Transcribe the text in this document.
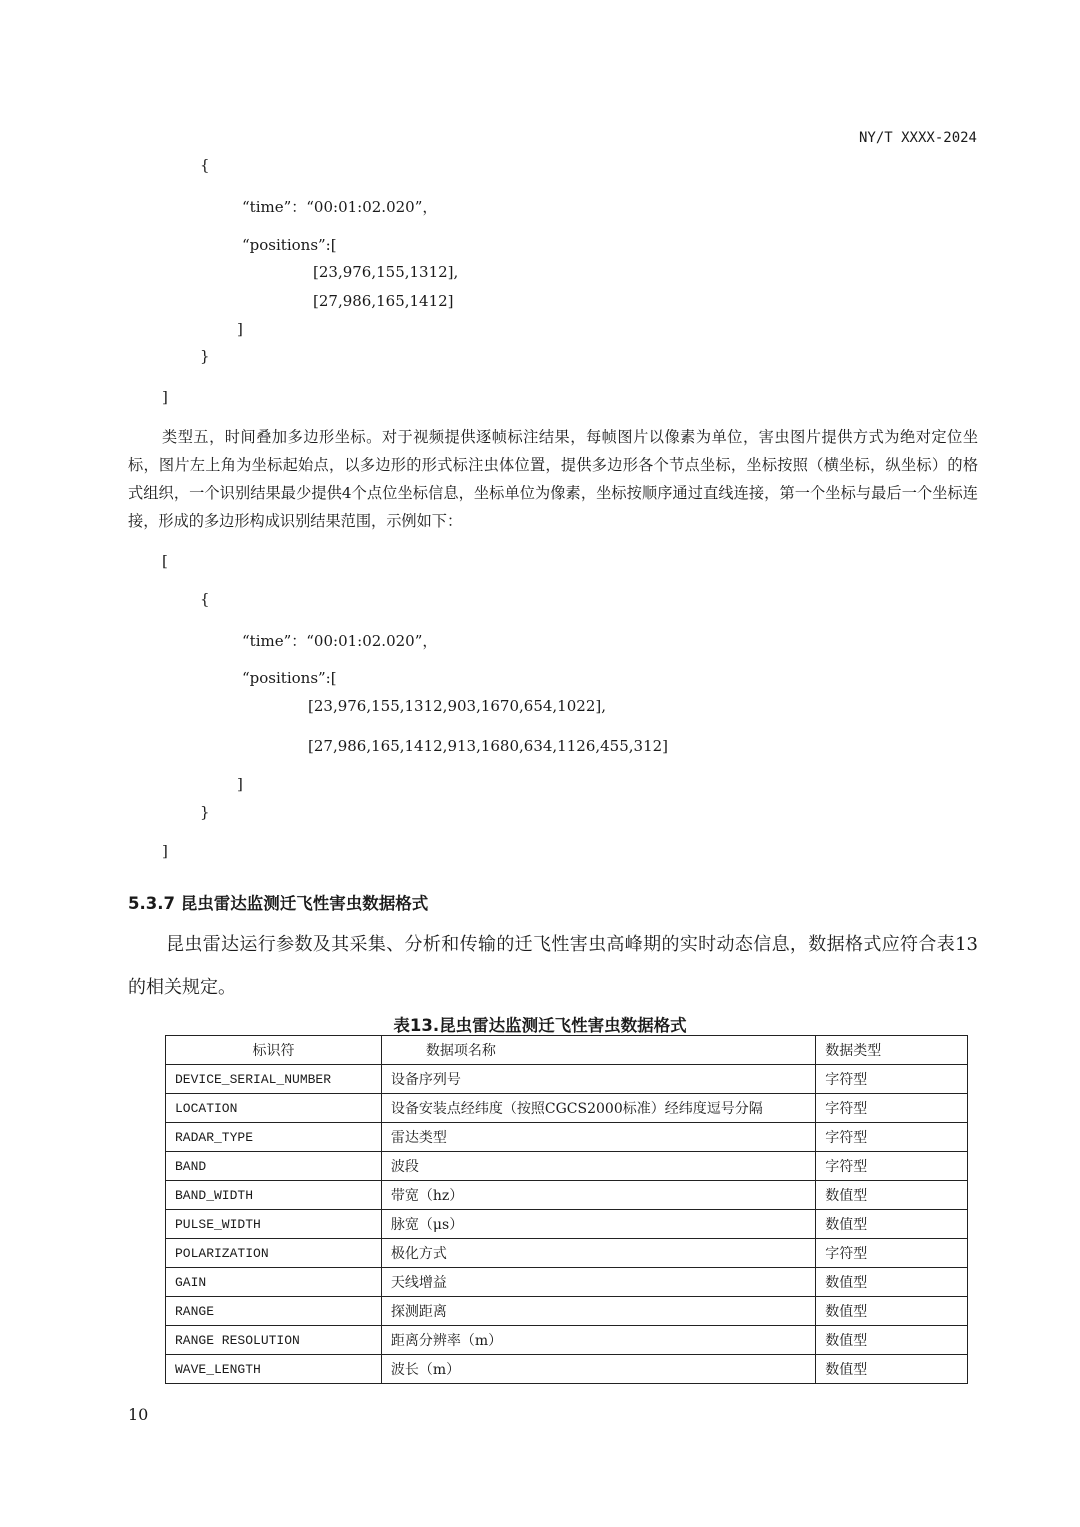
NY/T XXXX-2024
{
“time”：“00:01:02.020”，
“positions”:[
[23,976,155,1312],
[27,986,165,1412]
]
}
]
类型五，时间叠加多边形坐标。对于视频提供逐帧标注结果，每帧图片以像素为单位，害虫图片提供方式为绝对定位坐标，图片左上角为坐标起始点，以多边形的形式标注虫体位置，提供多边形各个节点坐标，坐标按照（横坐标，纵坐标）的格式组织，一个识别结果最少提供4个点位坐标信息，坐标单位为像素，坐标按顺序通过直线连接，第一个坐标与最后一个坐标连接，形成的多边形构成识别结果范围，示例如下：
[
{
“time”：“00:01:02.020”，
“positions”:[
[23,976,155,1312,903,1670,654,1022],
[27,986,165,1412,913,1680,634,1126,455,312]
]
}
]
5.3.7 昆虫雷达监测迁飞性害虫数据格式
昆虫雷达运行参数及其采集、分析和传输的迁飞性害虫高峰期的实时动态信息，数据格式应符合表13的相关规定。
表13.昆虫雷达监测迁飞性害虫数据格式
标识符	数据项名称	数据类型
DEVICE_SERIAL_NUMBER	设备序列号	字符型
LOCATION	设备安装点经纬度（按照CGCS2000标准）经纬度逗号分隔	字符型
RADAR_TYPE	雷达类型	字符型
BAND	波段	字符型
BAND_WIDTH	带宽（hz）	数值型
PULSE_WIDTH	脉宽（μs）	数值型
POLARIZATION	极化方式	字符型
GAIN	天线增益	数值型
RANGE	探测距离	数值型
RANGE RESOLUTION	距离分辨率（m）	数值型
WAVE_LENGTH	波长（m）	数值型
10
